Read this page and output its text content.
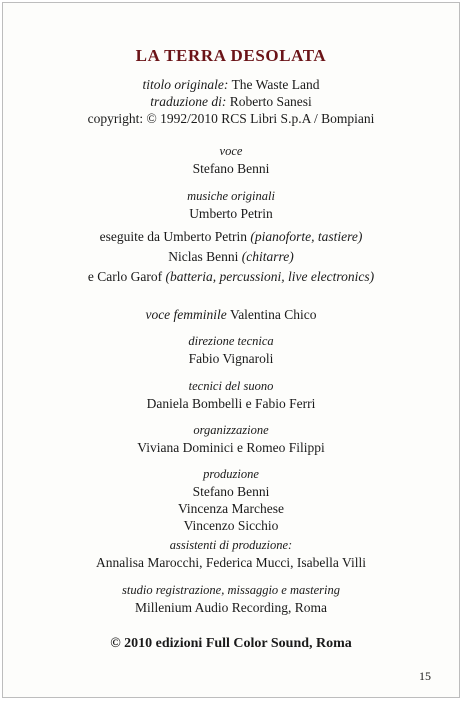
LA TERRA DESOLATA
titolo originale: The Waste Land
traduzione di: Roberto Sanesi
copyright: © 1992/2010 RCS Libri S.p.A / Bompiani
voce
Stefano Benni
musiche originali
Umberto Petrin
eseguite da Umberto Petrin (pianoforte, tastiere)
Niclas Benni (chitarre)
e Carlo Garof (batteria, percussioni, live electronics)
voce femminile Valentina Chico
direzione tecnica
Fabio Vignaroli
tecnici del suono
Daniela Bombelli e Fabio Ferri
organizzazione
Viviana Dominici e Romeo Filippi
produzione
Stefano Benni
Vincenza Marchese
Vincenzo Sicchio
assistenti di produzione:
Annalisa Marocchi, Federica Mucci, Isabella Villi
studio registrazione, missaggio e mastering
Millenium Audio Recording, Roma
© 2010 edizioni Full Color Sound, Roma
15
